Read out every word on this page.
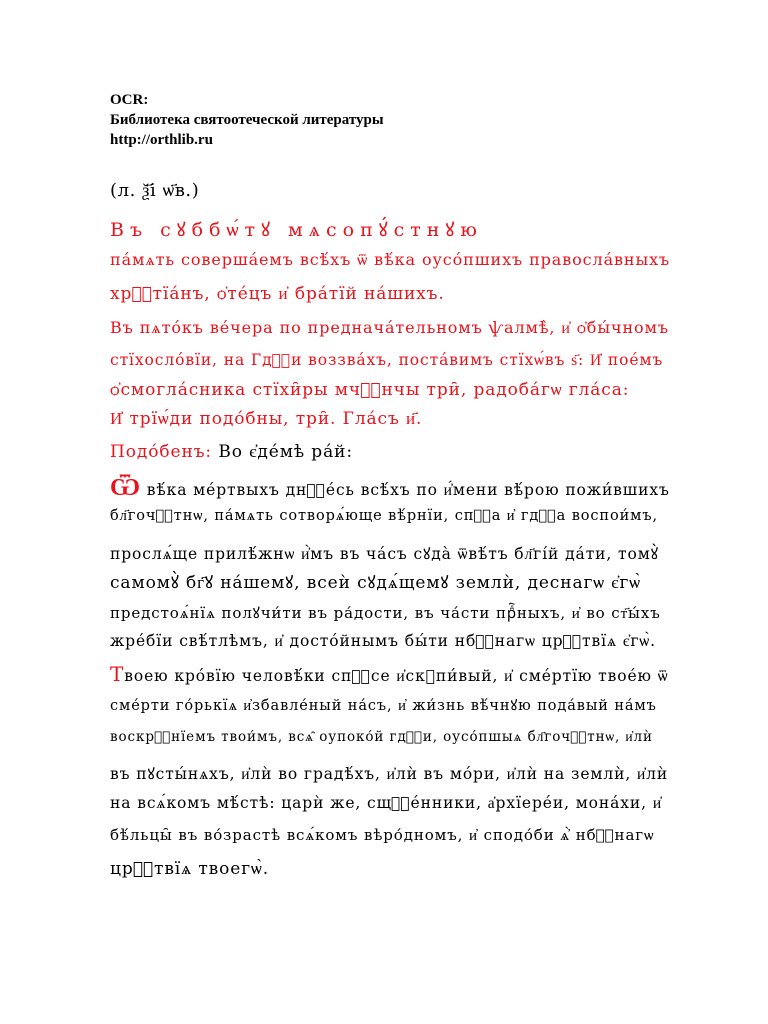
OCR:
Библиотека святоотеческой литературы
http://orthlib.ru
(л. ѯ҃і ѡ҃в.)
Въ сꙋббѡ́тꙋ мѧсопꙋ́стнꙋю
па́мѧть соверша́емъ всѣ́хъ ѿ вѣ́ка оусо́пшихъ правосла́вныхъ
хрⷭ҇тїа́нъ, ѻ҆те́цъ и҆ бра́тїй на́шихъ.
Въ пѧто́къ ве́чера по преднача́тельномъ ѱалмѣ̀, и҆ ѻ҆бы́чномъ
стїхосло́вїи, на Гдⷭ҇и воззва́хъ, поста́вимъ стїхѡ́въ ѕ҃: И҆ пое́мъ
ѻ҆смогла́сника стїхи̑ры мчⷭ҇нчы три̑, радоба́гѡ гла́са:
И҆ трїѡ́ди подо́бны, три̑. Гла́съ и҃.
Подо́бенъ: Во є҆де́мѣ ра́й:
Ѿ вѣ́ка ме́ртвыхъ днⷭ҇е́сь всѣ́хъ по и҆́мени вѣ́рою пожи́вшихъ
бл҃гочⷭ҇тнѡ, па́мѧть сотворѧ́юще вѣ́рнїи, спⷭ҇а и҆ гдⷭ҇а воспои́мъ,
прослѧ́ще прилѣ́жнѡ и҆̀мъ въ ча́съ сꙋда̀ ѿвѣ́тъ бл҃гі́й да́ти, томꙋ̀
самомꙋ̀ бг҃ꙋ на́шемꙋ, всеѝ сꙋдѧ́щемꙋ землѝ, деснагѡ є҆гѡ̀
предстоѧ́нїѧ полꙋчи́ти въ ра́дости, въ ча́сти прⷣ҇ныхъ, и҆ во ст҃ы́хъ
жре́бїи свѣ́тлѣмъ, и҆ досто́йнымъ бы́ти нбⷭ҇нагѡ црⷭ҇твїѧ є҆гѡ̀.
Твоею кро́вїю человѣ́ки спⷭ҇се и҆скꙋпи́вый, и҆ сме́ртїю твое́ю ѿ
сме́рти го́рькїѧ и҆збавле́ный на́съ, и҆ жи́знь вѣ́чнꙋю пода́вый на́мъ
воскрⷭ҇нїемъ твои́мъ, всѧ̑ оупоко́й гдⷭ҇и, оусо́пшыѧ бл҃гочⷭ҇тнѡ, и҆лѝ
въ пꙋсты́нѧхъ, и҆лѝ во градѣ́хъ, и҆лѝ въ мо́ри, и҆лѝ на землѝ, и҆лѝ
на всѧ́комъ мѣ́стѣ: царѝ же, сщⷭ҇е́нники, а҆рхїере́и, мона́хи, и҆
бѣ́льцы̑ въ во́зрастѣ всѧ́комъ вѣро́дномъ, и҆ сподо́би ѧ҆̀ нбⷭ҇нагѡ
црⷭ҇твїѧ твоегѡ̀.
